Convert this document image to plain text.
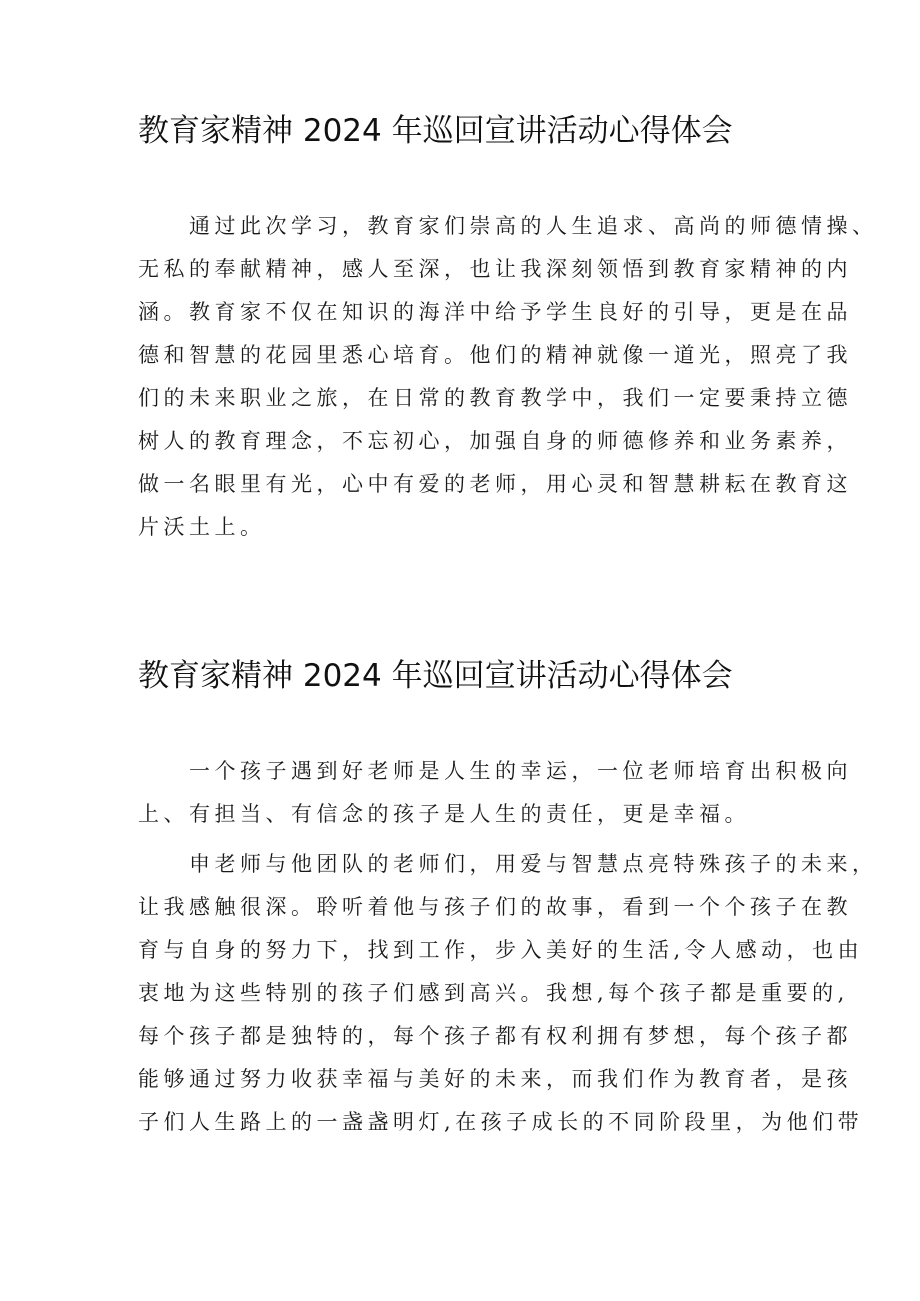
教育家精神 2024 年巡回宣讲活动心得体会
通过此次学习，教育家们崇高的人生追求、高尚的师德情操、
无私的奉献精神，感人至深，也让我深刻领悟到教育家精神的内
涵。教育家不仅在知识的海洋中给予学生良好的引导，更是在品
德和智慧的花园里悉心培育。他们的精神就像一道光，照亮了我
们的未来职业之旅，在日常的教育教学中，我们一定要秉持立德
树人的教育理念，不忘初心，加强自身的师德修养和业务素养，
做一名眼里有光，心中有爱的老师，用心灵和智慧耕耘在教育这
片沃土上。
教育家精神 2024 年巡回宣讲活动心得体会
一个孩子遇到好老师是人生的幸运，一位老师培育出积极向
上、有担当、有信念的孩子是人生的责任，更是幸福。
申老师与他团队的老师们，用爱与智慧点亮特殊孩子的未来，
让我感触很深。聆听着他与孩子们的故事，看到一个个孩子在教
育与自身的努力下，找到工作，步入美好的生活,令人感动，也由
衷地为这些特别的孩子们感到高兴。我想,每个孩子都是重要的,
每个孩子都是独特的，每个孩子都有权利拥有梦想，每个孩子都
能够通过努力收获幸福与美好的未来，而我们作为教育者，是孩
子们人生路上的一盏盏明灯,在孩子成长的不同阶段里，为他们带
